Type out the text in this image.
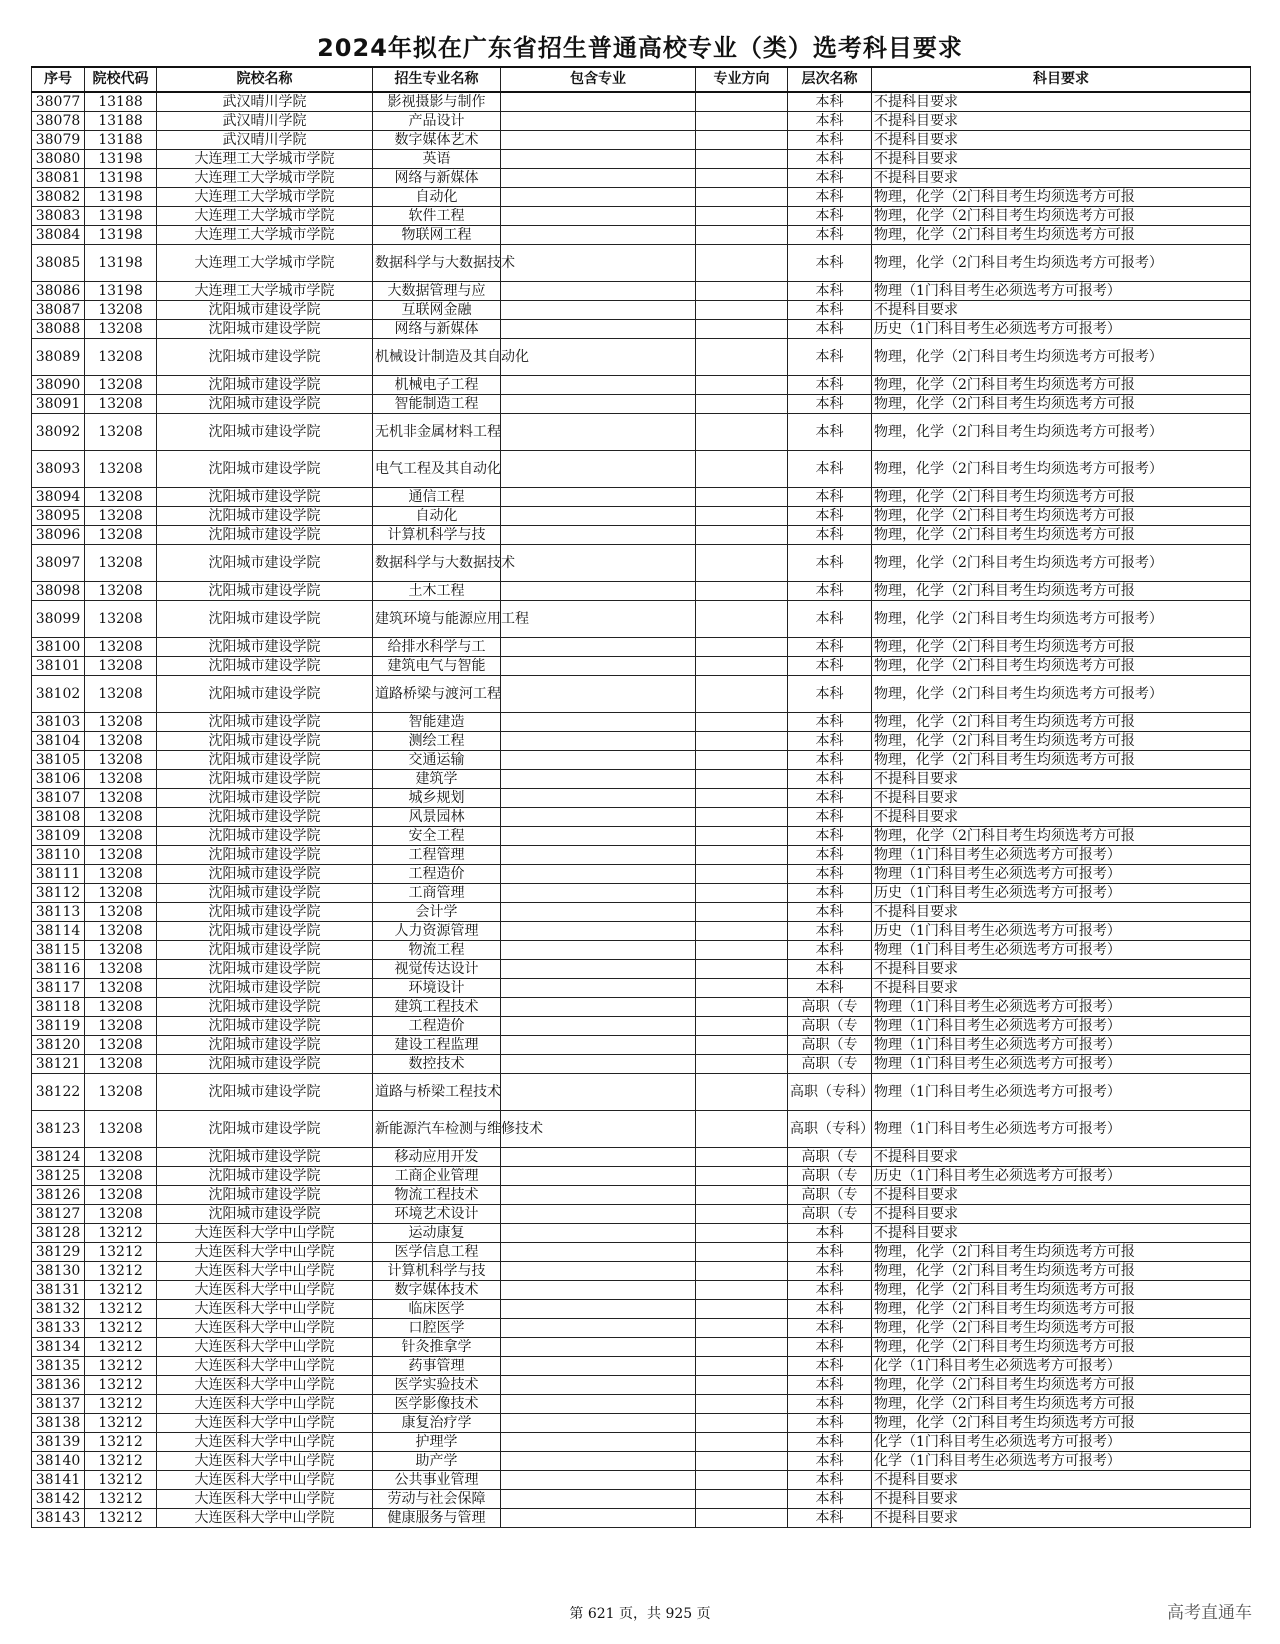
2024年拟在广东省招生普通高校专业（类）选考科目要求
序号	院校代码	院校名称	招生专业名称	包含专业	专业方向	层次名称	科目要求
38077	13188	武汉晴川学院	影视摄影与制作			本科	不提科目要求
38078	13188	武汉晴川学院	产品设计			本科	不提科目要求
38079	13188	武汉晴川学院	数字媒体艺术			本科	不提科目要求
38080	13198	大连理工大学城市学院	英语			本科	不提科目要求
38081	13198	大连理工大学城市学院	网络与新媒体			本科	不提科目要求
38082	13198	大连理工大学城市学院	自动化			本科	物理，化学（2门科目考生均须选考方可报
38083	13198	大连理工大学城市学院	软件工程			本科	物理，化学（2门科目考生均须选考方可报
38084	13198	大连理工大学城市学院	物联网工程			本科	物理，化学（2门科目考生均须选考方可报
38085	13198	大连理工大学城市学院	数据科学与大数据技术			本科	物理，化学（2门科目考生均须选考方可报考）
38086	13198	大连理工大学城市学院	大数据管理与应			本科	物理（1门科目考生必须选考方可报考）
38087	13208	沈阳城市建设学院	互联网金融			本科	不提科目要求
38088	13208	沈阳城市建设学院	网络与新媒体			本科	历史（1门科目考生必须选考方可报考）
38089	13208	沈阳城市建设学院	机械设计制造及其自动化			本科	物理，化学（2门科目考生均须选考方可报考）
38090	13208	沈阳城市建设学院	机械电子工程			本科	物理，化学（2门科目考生均须选考方可报
38091	13208	沈阳城市建设学院	智能制造工程			本科	物理，化学（2门科目考生均须选考方可报
38092	13208	沈阳城市建设学院	无机非金属材料工程			本科	物理，化学（2门科目考生均须选考方可报考）
38093	13208	沈阳城市建设学院	电气工程及其自动化			本科	物理，化学（2门科目考生均须选考方可报考）
38094	13208	沈阳城市建设学院	通信工程			本科	物理，化学（2门科目考生均须选考方可报
38095	13208	沈阳城市建设学院	自动化			本科	物理，化学（2门科目考生均须选考方可报
38096	13208	沈阳城市建设学院	计算机科学与技			本科	物理，化学（2门科目考生均须选考方可报
38097	13208	沈阳城市建设学院	数据科学与大数据技术			本科	物理，化学（2门科目考生均须选考方可报考）
38098	13208	沈阳城市建设学院	土木工程			本科	物理，化学（2门科目考生均须选考方可报
38099	13208	沈阳城市建设学院	建筑环境与能源应用工程			本科	物理，化学（2门科目考生均须选考方可报考）
38100	13208	沈阳城市建设学院	给排水科学与工			本科	物理，化学（2门科目考生均须选考方可报
38101	13208	沈阳城市建设学院	建筑电气与智能			本科	物理，化学（2门科目考生均须选考方可报
38102	13208	沈阳城市建设学院	道路桥梁与渡河工程			本科	物理，化学（2门科目考生均须选考方可报考）
38103	13208	沈阳城市建设学院	智能建造			本科	物理，化学（2门科目考生均须选考方可报
38104	13208	沈阳城市建设学院	测绘工程			本科	物理，化学（2门科目考生均须选考方可报
38105	13208	沈阳城市建设学院	交通运输			本科	物理，化学（2门科目考生均须选考方可报
38106	13208	沈阳城市建设学院	建筑学			本科	不提科目要求
38107	13208	沈阳城市建设学院	城乡规划			本科	不提科目要求
38108	13208	沈阳城市建设学院	风景园林			本科	不提科目要求
38109	13208	沈阳城市建设学院	安全工程			本科	物理，化学（2门科目考生均须选考方可报
38110	13208	沈阳城市建设学院	工程管理			本科	物理（1门科目考生必须选考方可报考）
38111	13208	沈阳城市建设学院	工程造价			本科	物理（1门科目考生必须选考方可报考）
38112	13208	沈阳城市建设学院	工商管理			本科	历史（1门科目考生必须选考方可报考）
38113	13208	沈阳城市建设学院	会计学			本科	不提科目要求
38114	13208	沈阳城市建设学院	人力资源管理			本科	历史（1门科目考生必须选考方可报考）
38115	13208	沈阳城市建设学院	物流工程			本科	物理（1门科目考生必须选考方可报考）
38116	13208	沈阳城市建设学院	视觉传达设计			本科	不提科目要求
38117	13208	沈阳城市建设学院	环境设计			本科	不提科目要求
38118	13208	沈阳城市建设学院	建筑工程技术			高职（专	物理（1门科目考生必须选考方可报考）
38119	13208	沈阳城市建设学院	工程造价			高职（专	物理（1门科目考生必须选考方可报考）
38120	13208	沈阳城市建设学院	建设工程监理			高职（专	物理（1门科目考生必须选考方可报考）
38121	13208	沈阳城市建设学院	数控技术			高职（专	物理（1门科目考生必须选考方可报考）
38122	13208	沈阳城市建设学院	道路与桥梁工程技术			高职（专科）	物理（1门科目考生必须选考方可报考）
38123	13208	沈阳城市建设学院	新能源汽车检测与维修技术			高职（专科）	物理（1门科目考生必须选考方可报考）
38124	13208	沈阳城市建设学院	移动应用开发			高职（专	不提科目要求
38125	13208	沈阳城市建设学院	工商企业管理			高职（专	历史（1门科目考生必须选考方可报考）
38126	13208	沈阳城市建设学院	物流工程技术			高职（专	不提科目要求
38127	13208	沈阳城市建设学院	环境艺术设计			高职（专	不提科目要求
38128	13212	大连医科大学中山学院	运动康复			本科	不提科目要求
38129	13212	大连医科大学中山学院	医学信息工程			本科	物理，化学（2门科目考生均须选考方可报
38130	13212	大连医科大学中山学院	计算机科学与技			本科	物理，化学（2门科目考生均须选考方可报
38131	13212	大连医科大学中山学院	数字媒体技术			本科	物理，化学（2门科目考生均须选考方可报
38132	13212	大连医科大学中山学院	临床医学			本科	物理，化学（2门科目考生均须选考方可报
38133	13212	大连医科大学中山学院	口腔医学			本科	物理，化学（2门科目考生均须选考方可报
38134	13212	大连医科大学中山学院	针灸推拿学			本科	物理，化学（2门科目考生均须选考方可报
38135	13212	大连医科大学中山学院	药事管理			本科	化学（1门科目考生必须选考方可报考）
38136	13212	大连医科大学中山学院	医学实验技术			本科	物理，化学（2门科目考生均须选考方可报
38137	13212	大连医科大学中山学院	医学影像技术			本科	物理，化学（2门科目考生均须选考方可报
38138	13212	大连医科大学中山学院	康复治疗学			本科	物理，化学（2门科目考生均须选考方可报
38139	13212	大连医科大学中山学院	护理学			本科	化学（1门科目考生必须选考方可报考）
38140	13212	大连医科大学中山学院	助产学			本科	化学（1门科目考生必须选考方可报考）
38141	13212	大连医科大学中山学院	公共事业管理			本科	不提科目要求
38142	13212	大连医科大学中山学院	劳动与社会保障			本科	不提科目要求
38143	13212	大连医科大学中山学院	健康服务与管理			本科	不提科目要求
第 621 页，共 925 页	高考直通车
